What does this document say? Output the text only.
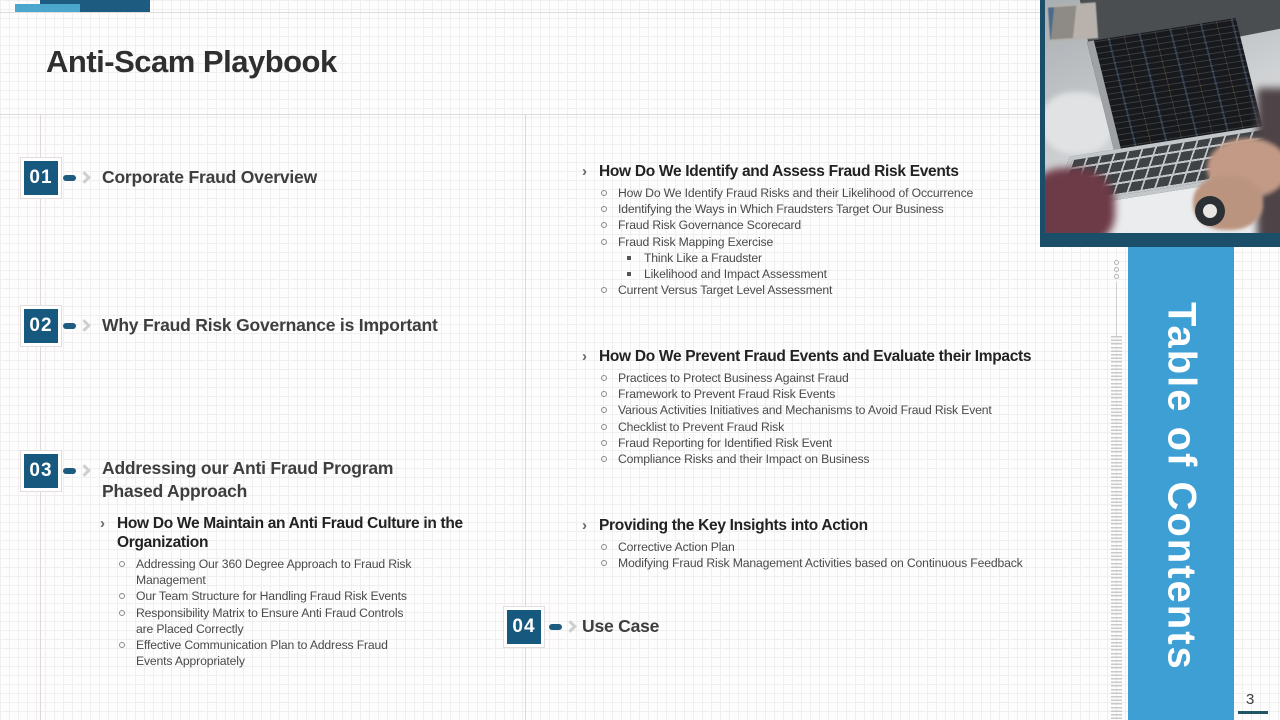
Anti-Scam Playbook
Table of Contents
01	Corporate Fraud Overview
02	Why Fraud Risk Governance is Important
03	Addressing our Anti Fraud Program Phased Approach
› How Do We Maintain an Anti Fraud Culture in the Organization
Addressing Our 360 Degree Approach to Fraud Risk Management
Our Team Structure for Handling Fraud Risk Events
Responsibility Matrix to Ensure Anti Fraud Controls are Placed Correctly
Effective Communication Plan to Address Fraud Events Appropriately
04	Use Case
› How Do We Identify and Assess Fraud Risk Events
How Do We Identify Fraud Risks and their Likelihood of Occurrence
Identifying the Ways in Which Fraudsters Target Our Business
Fraud Risk Governance Scorecard
Fraud Risk Mapping Exercise
Think Like a Fraudster
Likelihood and Impact Assessment
Current Versus Target Level Assessment
› How Do We Prevent Fraud Events and Evaluate their Impacts
Practices to Protect Business Against Fraud
Framework to Prevent Fraud Risk Events
Various Activities Initiatives and Mechanisms to Avoid Fraud Risk Event
Checklist to Prevent Fraud Risk
Fraud Reporting for Identified Risk Event
Compliance Risks and their Impact on Business
› Providing the Key Insights into Action
Corrective Action Plan
Modifying Fraud Risk Management Activities based on Continuous Feedback
3
